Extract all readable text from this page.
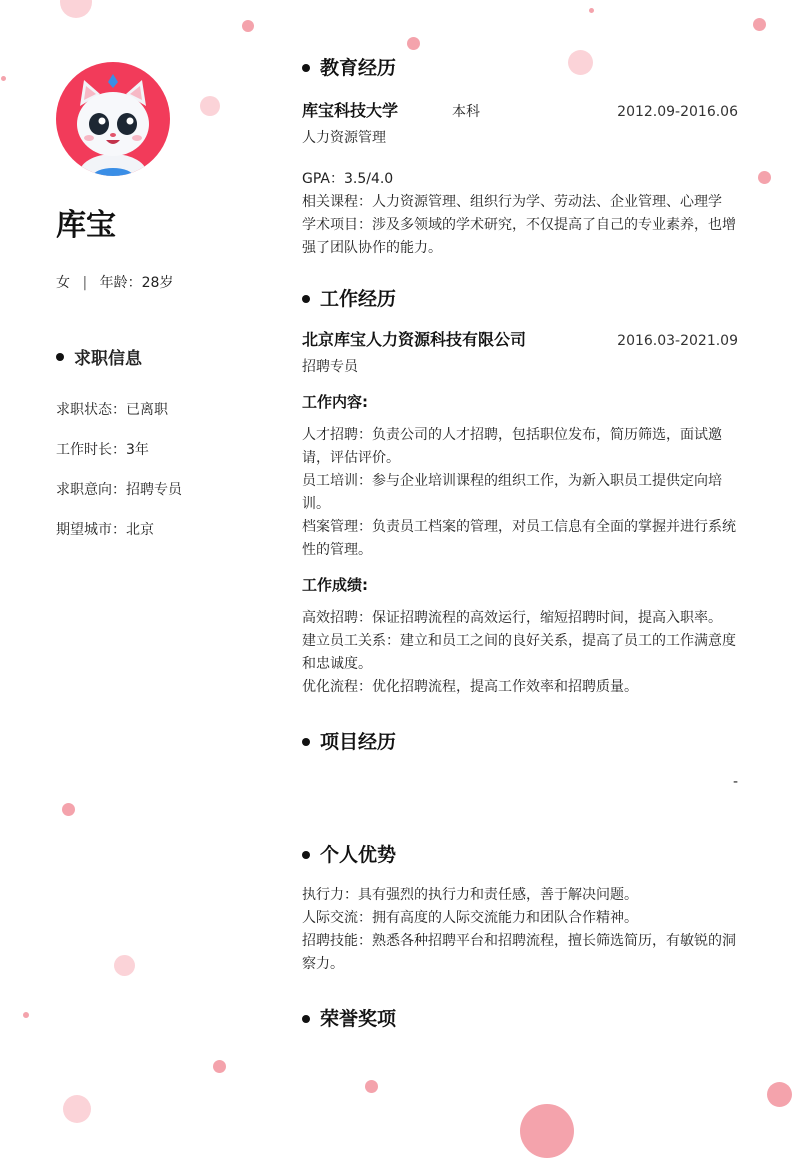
库宝
女 | 年龄：28岁
求职信息
求职状态：已离职
工作时长：3年
求职意向：招聘专员
期望城市：北京
教育经历
库宝科技大学	本科	2012.09-2016.06

人力资源管理

GPA：3.5/4.0

相关课程：人力资源管理、组织行为学、劳动法、企业管理、心理学

学术项目：涉及多领域的学术研究，不仅提高了自己的专业素养，也增强了团队协作的能力。

工作经历
北京库宝人力资源科技有限公司	2016.03-2021.09

招聘专员

工作内容:

人才招聘：负责公司的人才招聘，包括职位发布，简历筛选，面试邀请，评估评价。

员工培训：参与企业培训课程的组织工作，为新入职员工提供定向培训。

档案管理：负责员工档案的管理，对员工信息有全面的掌握并进行系统性的管理。

工作成绩:

高效招聘：保证招聘流程的高效运行，缩短招聘时间，提高入职率。

建立员工关系：建立和员工之间的良好关系，提高了员工的工作满意度和忠诚度。

优化流程：优化招聘流程，提高工作效率和招聘质量。

项目经历
-
个人优势

执行力：具有强烈的执行力和责任感，善于解决问题。

人际交流：拥有高度的人际交流能力和团队合作精神。

招聘技能：熟悉各种招聘平台和招聘流程，擅长筛选简历，有敏锐的洞察力。

荣誉奖项
